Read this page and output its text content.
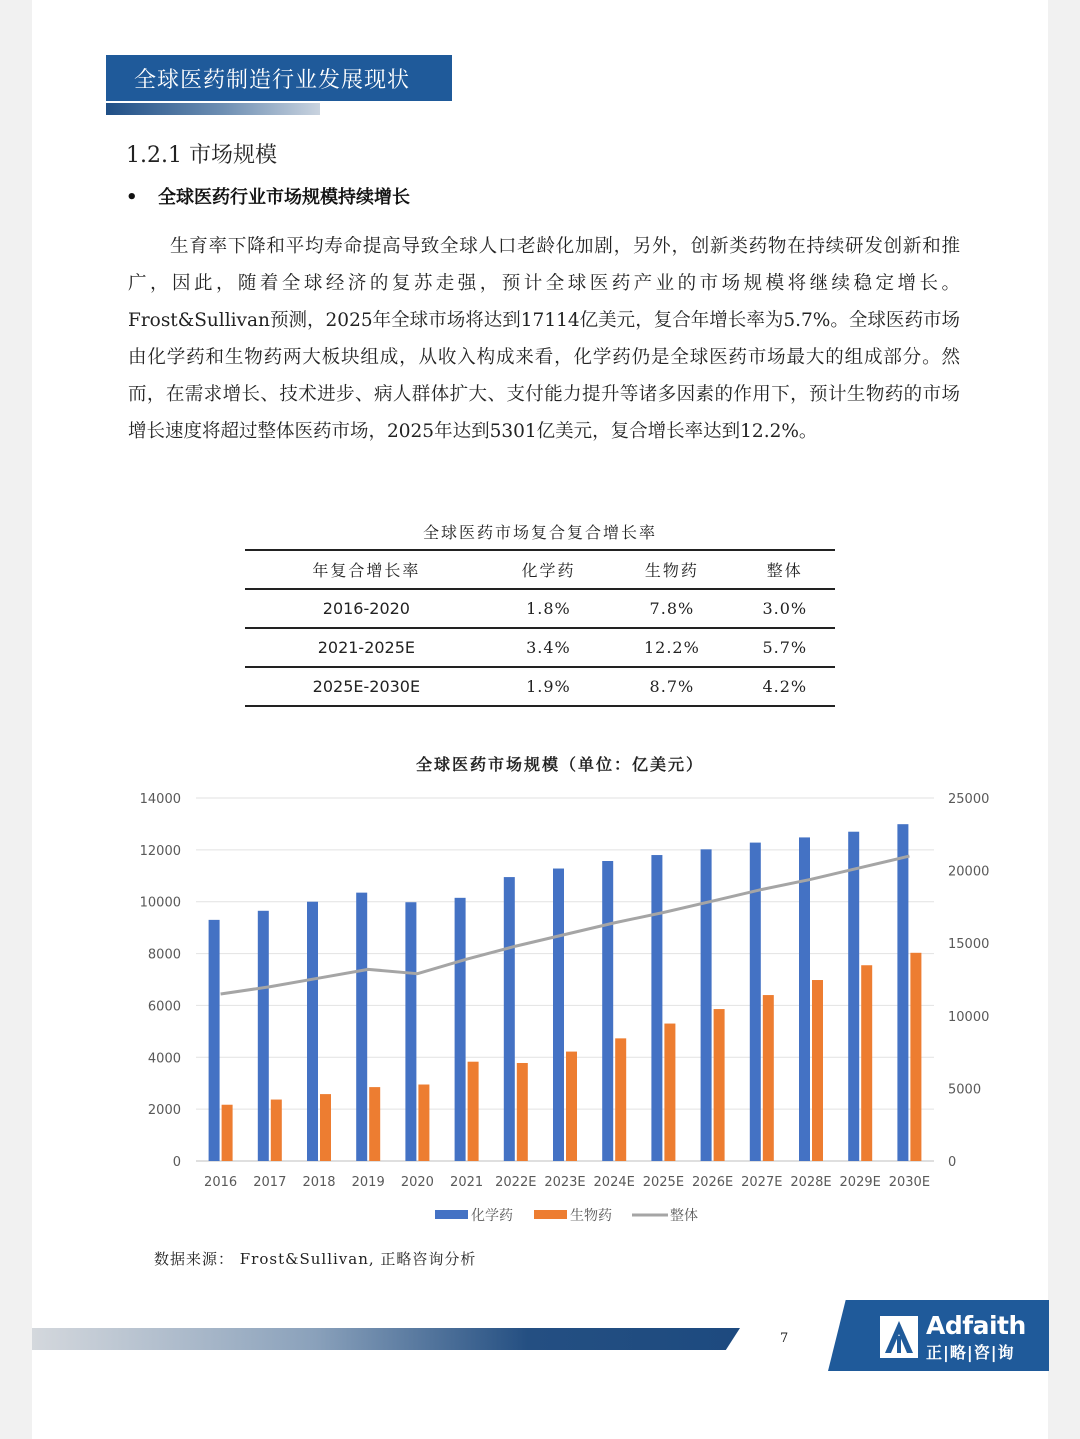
全球医药制造行业发展现状
1.2.1 市场规模
• 全球医药行业市场规模持续增长

生育率下降和平均寿命提高导致全球人口老龄化加剧，另外，创新类药物在持续研发创新和推广，因此，随着全球经济的复苏走强，预计全球医药产业的市场规模将继续稳定增长。Frost&Sullivan预测，2025年全球市场将达到17114亿美元，复合年增长率为5.7%。全球医药市场由化学药和生物药两大板块组成，从收入构成来看，化学药仍是全球医药市场最大的组成部分。然而，在需求增长、技术进步、病人群体扩大、支付能力提升等诸多因素的作用下，预计生物药的市场增长速度将超过整体医药市场，2025年达到5301亿美元，复合增长率达到12.2%。

全球医药市场复合复合增长率
年复合增长率	化学药	生物药	整体
2016-2020	1.8%	7.8%	3.0%
2021-2025E	3.4%	12.2%	5.7%
2025E-2030E	1.9%	8.7%	4.2%
全球医药市场规模（单位：亿美元）
0
2000
4000
6000
8000
10000
12000
14000
0
5000
10000
15000
20000
25000
2016 2017 2018 2019 2020 2021 2022E 2023E 2024E 2025E 2026E 2027E 2028E 2029E 2030E
化学药	生物药	整体
数据来源： Frost&Sullivan, 正略咨询分析
7	Adfaith
正|略|咨|询
